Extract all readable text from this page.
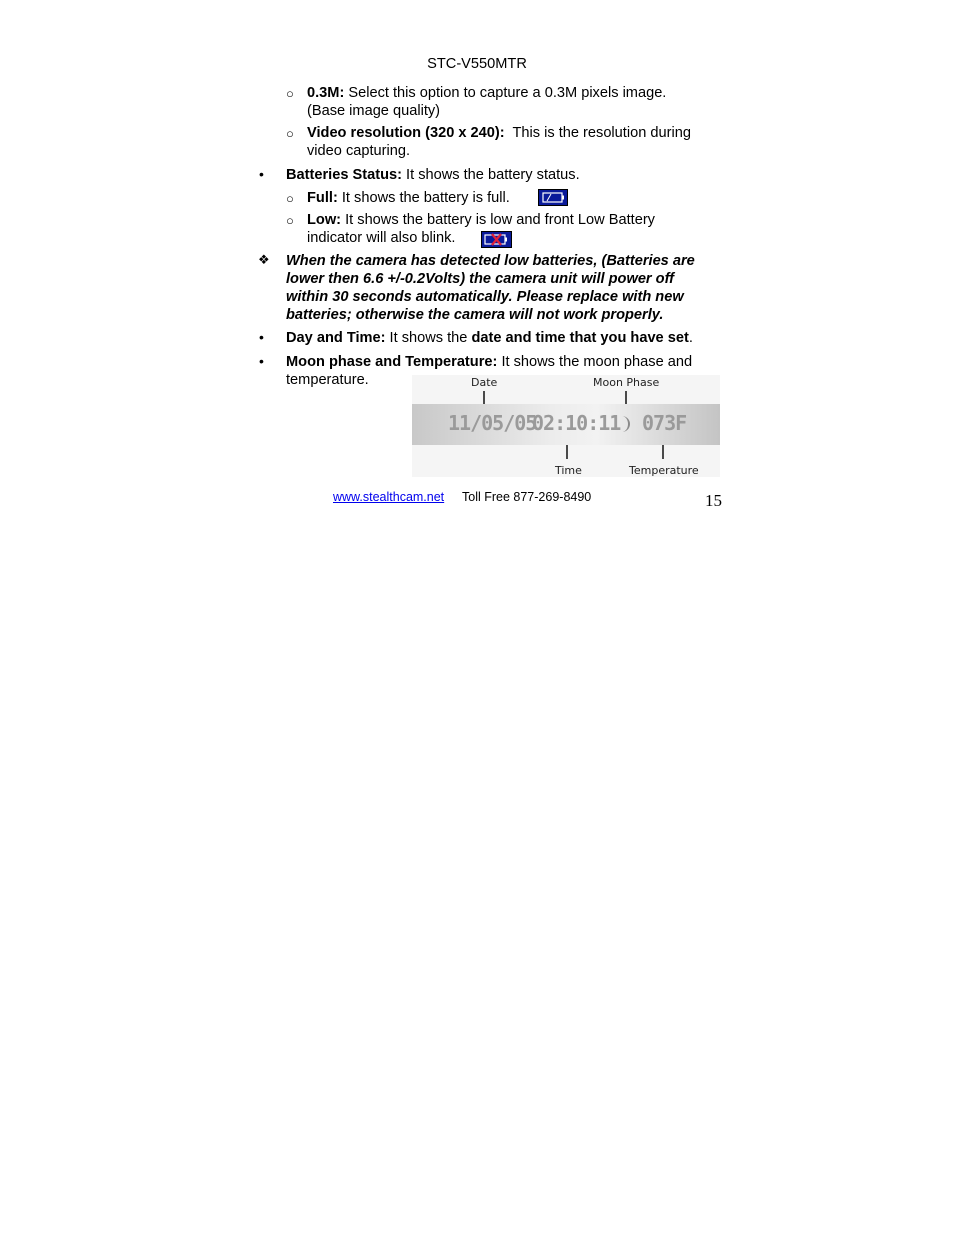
STC-V550MTR
○ 0.3M: Select this option to capture a 0.3M pixels image.
(Base image quality)
○ Video resolution (320 x 240): This is the resolution during
video capturing.
• Batteries Status: It shows the battery status.
○ Full: It shows the battery is full.
○ Low: It shows the battery is low and front Low Battery
indicator will also blink.
❖ When the camera has detected low batteries, (Batteries are
lower then 6.6 +/-0.2Volts) the camera unit will power off
within 30 seconds automatically. Please replace with new
batteries; otherwise the camera will not work properly.
• Day and Time: It shows the date and time that you have set.
• Moon phase and Temperature: It shows the moon phase and
temperature.	Date	Moon Phase
11/05/05
02:10:11 073F
Time	Temperature
www.stealthcam.net Toll Free 877-269-8490	15
